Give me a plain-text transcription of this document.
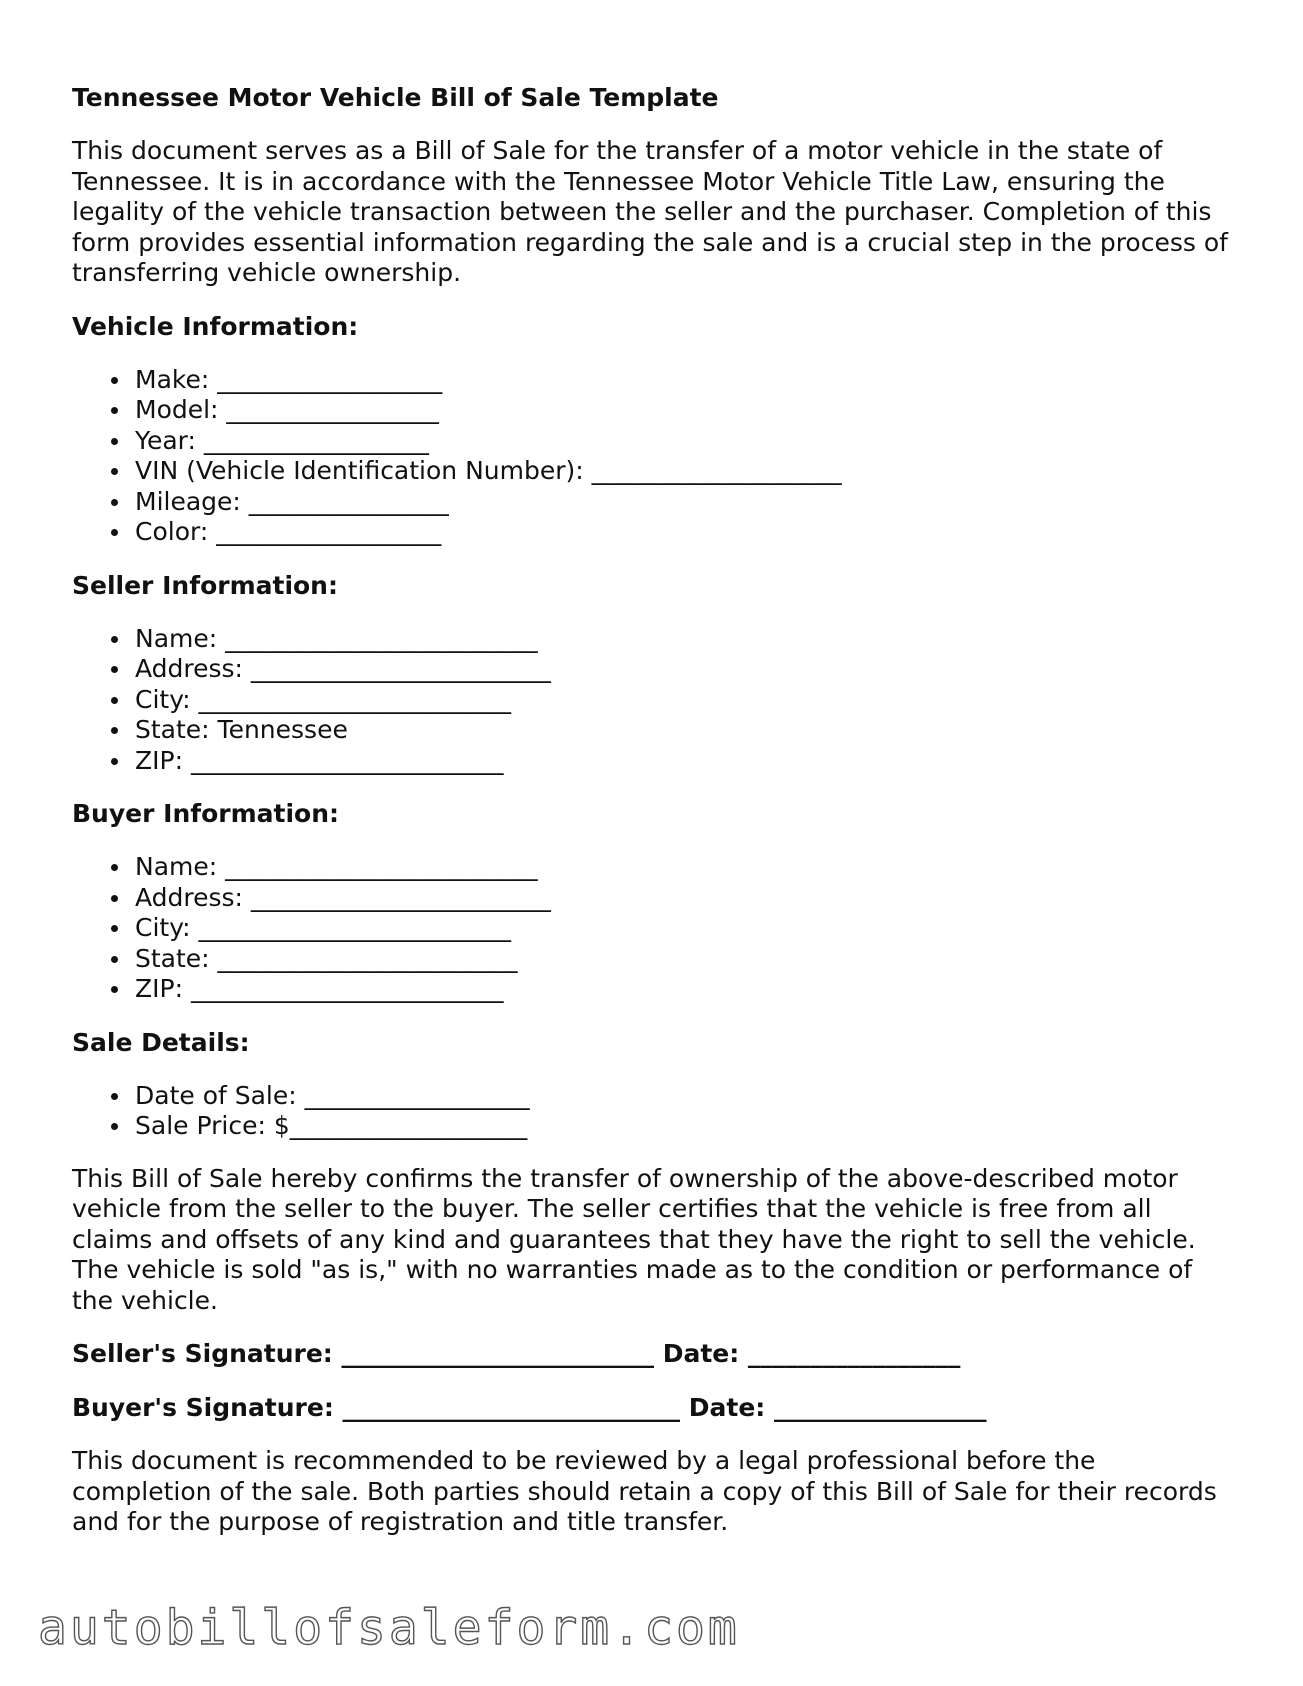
Tennessee Motor Vehicle Bill of Sale Template

This document serves as a Bill of Sale for the transfer of a motor vehicle in the state of Tennessee. It is in accordance with the Tennessee Motor Vehicle Title Law, ensuring the legality of the vehicle transaction between the seller and the purchaser. Completion of this form provides essential information regarding the sale and is a crucial step in the process of transferring vehicle ownership.

Vehicle Information:
Make: __________________
Model: _________________
Year: __________________
VIN (Vehicle Identification Number): ____________________
Mileage: ________________
Color: __________________
Seller Information:
Name: _________________________
Address: ________________________
City: _________________________
State: Tennessee
ZIP: _________________________
Buyer Information:
Name: _________________________
Address: ________________________
City: _________________________
State: ________________________
ZIP: _________________________
Sale Details:
Date of Sale: __________________
Sale Price: $___________________

This Bill of Sale hereby confirms the transfer of ownership of the above-described motor vehicle from the seller to the buyer. The seller certifies that the vehicle is free from all claims and offsets of any kind and guarantees that they have the right to sell the vehicle. The vehicle is sold "as is," with no warranties made as to the condition or performance of the vehicle.

Seller's Signature: _________________________ Date: _________________
Buyer's Signature: ___________________________ Date: _________________

This document is recommended to be reviewed by a legal professional before the completion of the sale. Both parties should retain a copy of this Bill of Sale for their records and for the purpose of registration and title transfer.

autobillofsaleform.com
